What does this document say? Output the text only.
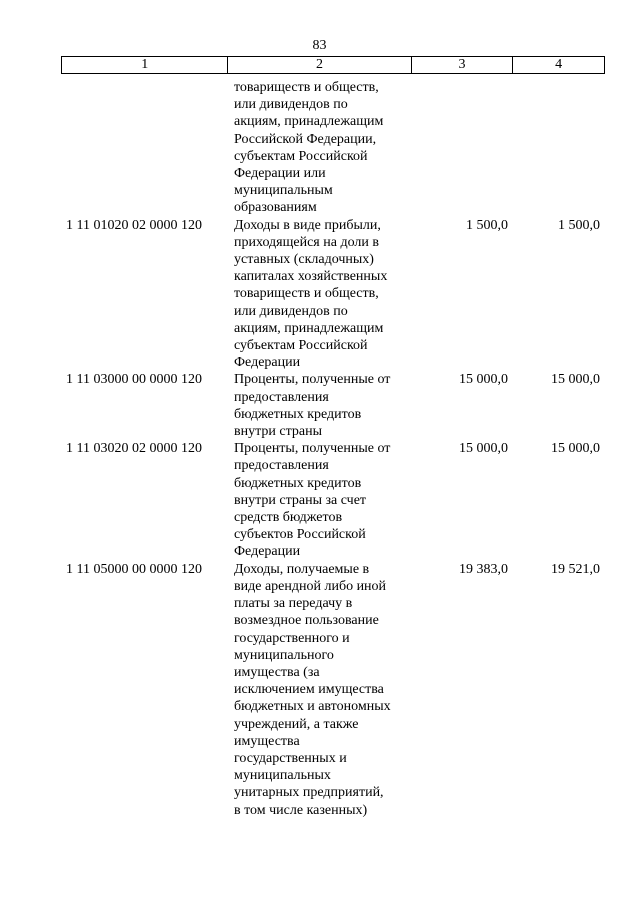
83
1	2	3	4
товариществ и обществ,
или дивидендов по
акциям, принадлежащим
Российской Федерации,
субъектам Российской
Федерации или
муниципальным
образованиям
1 11 01020 02 0000 120	Доходы в виде прибыли,
приходящейся на доли в
уставных (складочных)
капиталах хозяйственных
товариществ и обществ,
или дивидендов по
акциям, принадлежащим
субъектам Российской
Федерации
1 500,0	1 500,0
1 11 03000 00 0000 120	Проценты, полученные от
предоставления
бюджетных кредитов
внутри страны
15 000,0	15 000,0
1 11 03020 02 0000 120	Проценты, полученные от
предоставления
бюджетных кредитов
внутри страны за счет
средств бюджетов
субъектов Российской
Федерации
15 000,0	15 000,0
1 11 05000 00 0000 120	Доходы, получаемые в
виде арендной либо иной
платы за передачу в
возмездное пользование
государственного и
муниципального
имущества (за
исключением имущества
бюджетных и автономных
учреждений, а также
имущества
государственных и
муниципальных
унитарных предприятий,
в том числе казенных)
19 383,0	19 521,0
